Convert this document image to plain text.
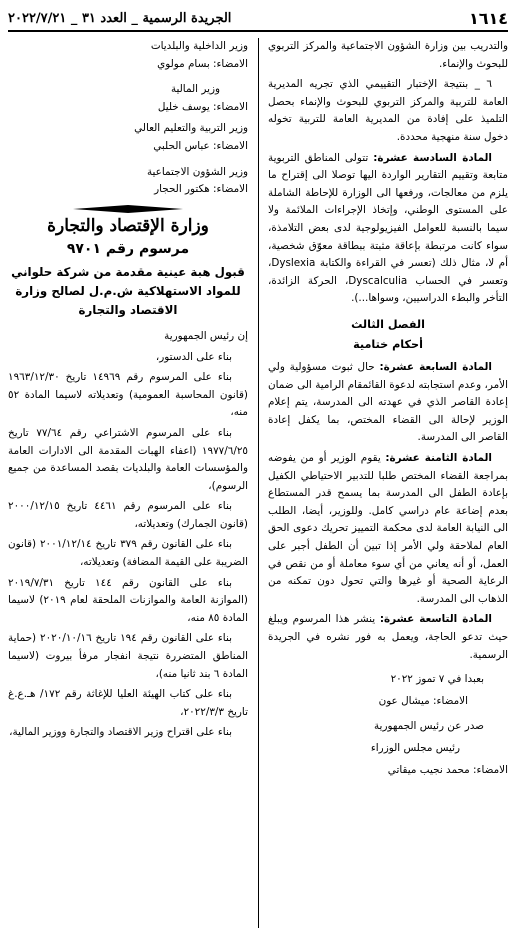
١٦١٤
الجريدة الرسمية _ العدد ٣١ _ ٢٠٢٢/٧/٢١

والتدريب بين وزارة الشؤون الاجتماعية والمركز التربوي للبحوث والإنماء.

٦ _ بنتيجة الإختبار التقييمي الذي تجريه المديرية العامة للتربية والمركز التربوي للبحوث والإنماء بحصل التلميذ على إفادة من المديرية العامة للتربية تخوله دخول سنة منهجية محددة.

المادة السادسة عشرة: تتولى المناطق التربوية متابعة وتقييم التقارير الواردة اليها توصلا الى إقتراح ما يلزم من معالجات، ورفعها الى الوزارة للإحاطة الشاملة على المستوى الوطني، وإتخاذ الإجراءات الملائمة ولا سيما بالنسبة للعوامل الفيزيولوجية لدى بعض التلامذة، سواء كانت مرتبطة بإعاقة مثبتة ببطاقة معوّق شخصية، أم لا، مثال ذلك (تعسر في القراءة والكتابة Dyslexia، وتعسر في الحساب Dyscalculia، الحركة الزائدة، التأخر والبطء الدراسيين، وسواها...).

الفصل الثالث
أحكام ختامية

المادة السابعة عشرة: حال ثبوت مسؤولية ولي الأمر، وعدم استجابته لدعوة القائمقام الرامية الى ضمان إعادة القاصر الذي في عهدته الى المدرسة، يتم إعلام الوزير لإحالة الى القضاء المختص، بما يكفل إعادة القاصر الى المدرسة.

المادة الثامنة عشرة: يقوم الوزير أو من يفوضه بمراجعة القضاء المختص طلبا للتدبير الاحتياطي الكفيل بإعادة الطفل الى المدرسة بما يسمح قدر المستطاع بعدم إضاعة عام دراسي كامل. وللوزير، أيضا، الطلب الى النيابة العامة لدى محكمة التمييز تحريك دعوى الحق العام لملاحقة ولي الأمر إذا تبين أن الطفل أجبر على العمل، أو أنه يعاني من أي سوء معاملة أو من نقص في الرعاية الصحية أو غيرها والتي تحول دون تمكنه من الذهاب الى المدرسة.

المادة التاسعة عشرة: ينشر هذا المرسوم ويبلغ حيث تدعو الحاجة، ويعمل به فور نشره في الجريدة الرسمية.

بعبدا في ٧ تموز ٢٠٢٢

الامضاء: ميشال عون

صدر عن رئيس الجمهورية

رئيس مجلس الوزراء

الامضاء: محمد نجيب ميقاتي

وزير الداخلية والبلديات

الامضاء: بسام مولوي

وزير المالية

الامضاء: يوسف خليل

وزير التربية والتعليم العالي

الامضاء: عباس الحلبي

وزير الشؤون الاجتماعية

الامضاء: هكتور الحجار

وزارة الإقتصاد والتجارة
مرسوم رقم ٩٧٠١
قبول هبة عينية مقدمة من شركة حلواني للمواد الاستهلاكية ش.م.ل لصالح وزارة الاقتصاد والتجارة

إن رئيس الجمهورية

بناء على الدستور،

بناء على المرسوم رقم ١٤٩٦٩ تاريخ ١٩٦٣/١٢/٣٠ (قانون المحاسبة العمومية) وتعديلاته لاسيما المادة ٥٢ منه،

بناء على المرسوم الاشتراعي رقم ٧٧/٦٤ تاريخ ١٩٧٧/٦/٢٥ (اعفاء الهبات المقدمة الى الادارات العامة والمؤسسات العامة والبلديات بقصد المساعدة من جميع الرسوم)،

بناء على المرسوم رقم ٤٤٦١ تاريخ ٢٠٠٠/١٢/١٥ (قانون الجمارك) وتعديلاته،

بناء على القانون رقم ٣٧٩ تاريخ ٢٠٠١/١٢/١٤ (قانون الضريبة على القيمة المضافة) وتعديلاته،

بناء على القانون رقم ١٤٤ تاريخ ٢٠١٩/٧/٣١ (الموازنة العامة والموازنات الملحقة لعام ٢٠١٩) لاسيما المادة ٨٥ منه،

بناء على القانون رقم ١٩٤ تاريخ ٢٠٢٠/١٠/١٦ (حماية المناطق المتضررة نتيجة انفجار مرفأ بيروت (لاسيما المادة ٦ بند ثانيا منه)،

بناء على كتاب الهيئة العليا للإغاثة رقم ١٧٢/ هـ.ع.غ تاريخ ٢٠٢٢/٣/٣،

بناء على اقتراح وزير الاقتصاد والتجارة ووزير المالية،
